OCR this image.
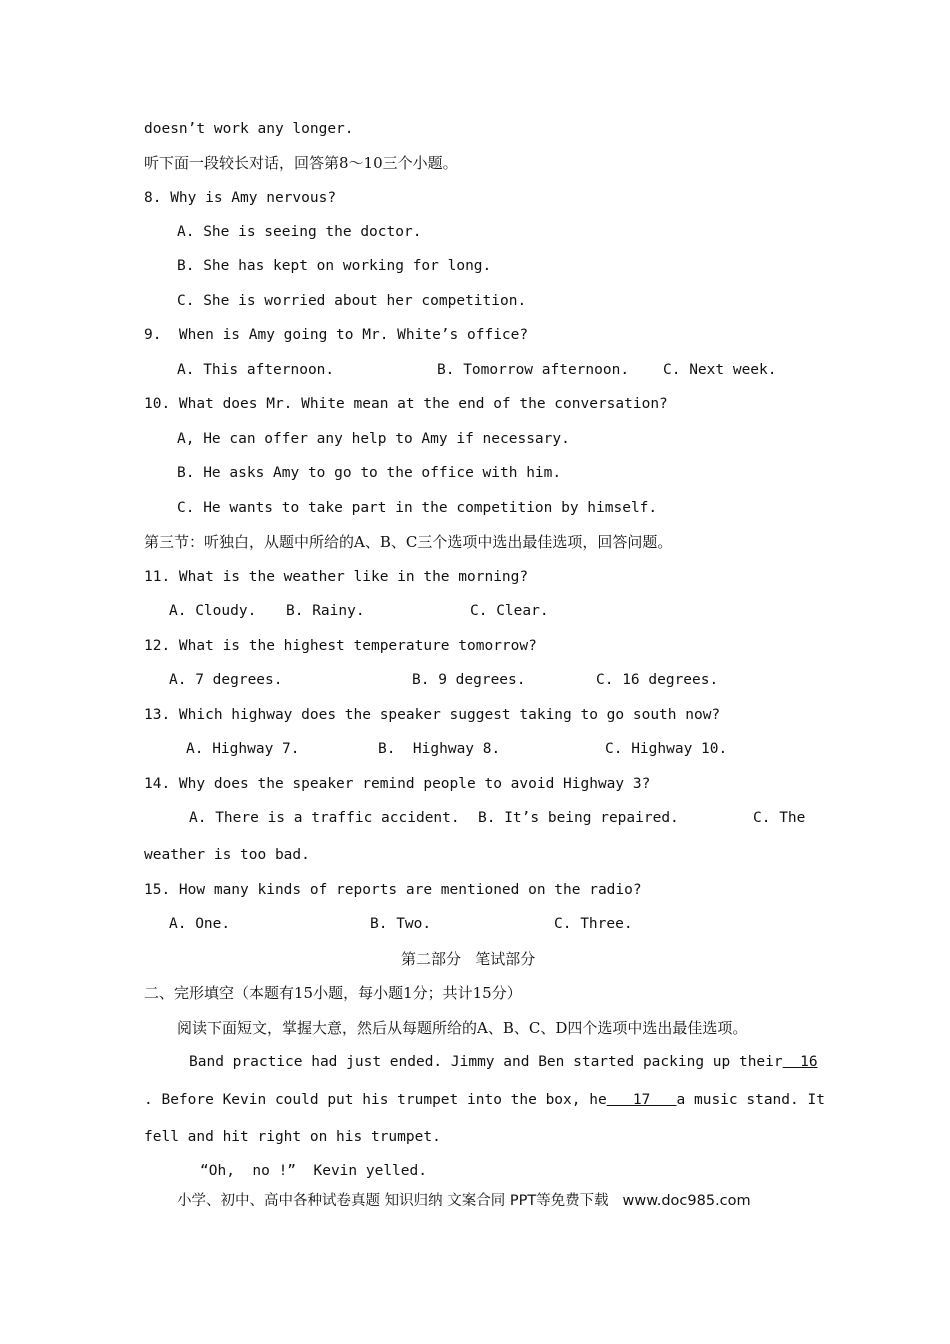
doesn’t work any longer.
听下面一段较长对话，回答第8～10三个小题。
8. Why is Amy nervous?
A. She is seeing the doctor.
B. She has kept on working for long.
C. She is worried about her competition.
9.  When is Amy going to Mr. White’s office?
A. This afternoon.	B. Tomorrow afternoon. C. Next week.
10. What does Mr. White mean at the end of the conversation?
A, He can offer any help to Amy if necessary.
B. He asks Amy to go to the office with him.
C. He wants to take part in the competition by himself.
第三节：听独白，从题中所给的A、B、C三个选项中选出最佳选项，回答问题。
11. What is the weather like in the morning?
A. Cloudy. B. Rainy.	C. Clear.
12. What is the highest temperature tomorrow?
A. 7 degrees.	B. 9 degrees.	C. 16 degrees.
13. Which highway does the speaker suggest taking to go south now?
A. Highway 7.	B.  Highway 8.	C. Highway 10.
14. Why does the speaker remind people to avoid Highway 3?
A. There is a traffic accident. B. It’s being repaired.	C. The
weather is too bad.
15. How many kinds of reports are mentioned on the radio?
A. One.	B. Two.	C. Three.
第二部分   笔试部分
二、完形填空（本题有15小题，每小题1分；共计15分）
阅读下面短文，掌握大意，然后从每题所给的A、B、C、D四个选项中选出最佳选项。
Band practice had just ended. Jimmy and Ben started packing up their  16
. Before Kevin could put his trumpet into the box, he   17   a music stand. It
fell and hit right on his trumpet.
“Oh,  no !”  Kevin yelled.
小学、初中、高中各种试卷真题 知识归纳 文案合同 PPT等免费下载   www.doc985.com
